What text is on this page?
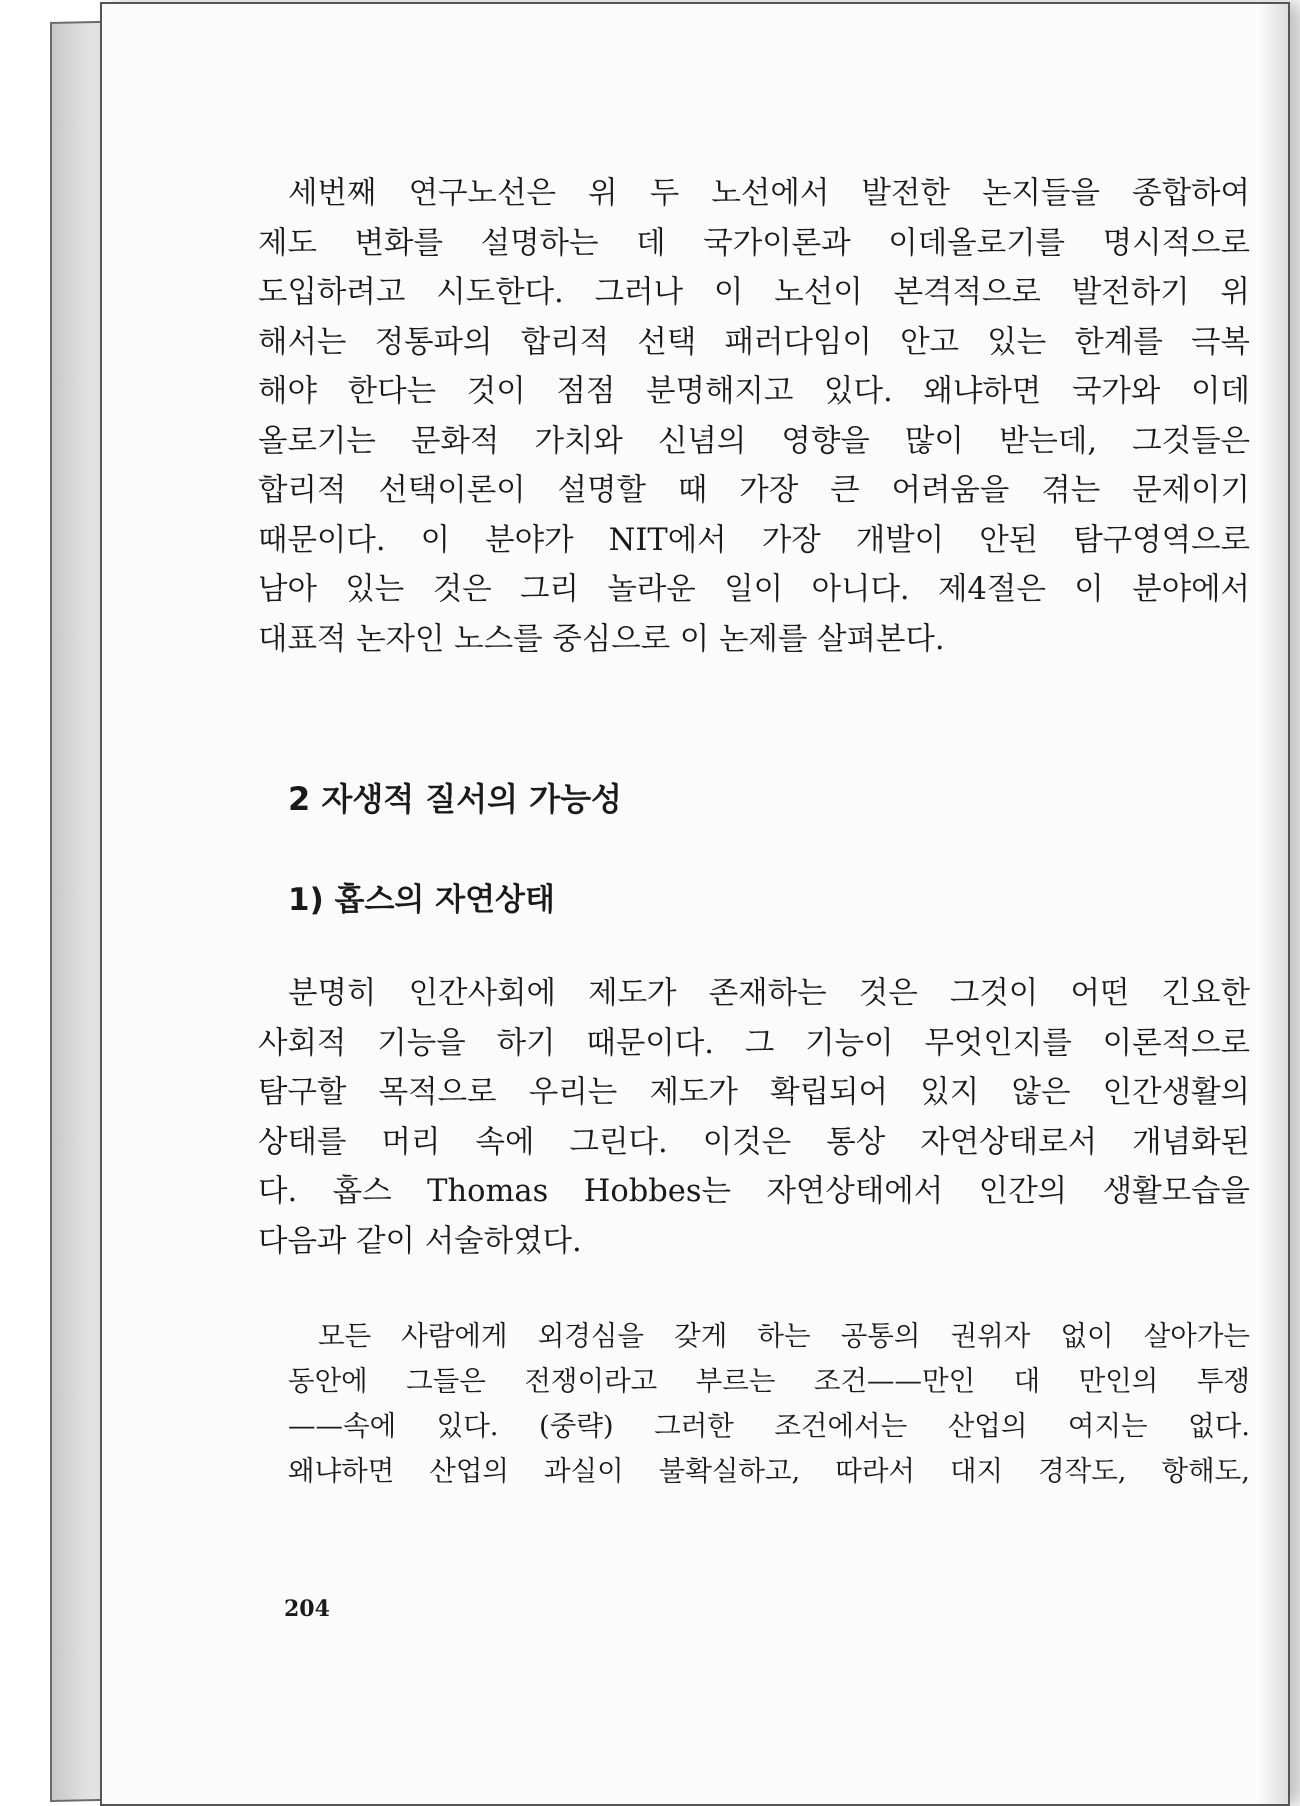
세번째 연구노선은 위 두 노선에서 발전한 논지들을 종합하여
제도 변화를 설명하는 데 국가이론과 이데올로기를 명시적으로
도입하려고 시도한다. 그러나 이 노선이 본격적으로 발전하기 위
해서는 정통파의 합리적 선택 패러다임이 안고 있는 한계를 극복
해야 한다는 것이 점점 분명해지고 있다. 왜냐하면 국가와 이데
올로기는 문화적 가치와 신념의 영향을 많이 받는데, 그것들은
합리적 선택이론이 설명할 때 가장 큰 어려움을 겪는 문제이기
때문이다. 이 분야가 NIT에서 가장 개발이 안된 탐구영역으로
남아 있는 것은 그리 놀라운 일이 아니다. 제4절은 이 분야에서
대표적 논자인 노스를 중심으로 이 논제를 살펴본다.

2 자생적 질서의 가능성
1) 홉스의 자연상태

분명히 인간사회에 제도가 존재하는 것은 그것이 어떤 긴요한
사회적 기능을 하기 때문이다. 그 기능이 무엇인지를 이론적으로
탐구할 목적으로 우리는 제도가 확립되어 있지 않은 인간생활의
상태를 머리 속에 그린다. 이것은 통상 자연상태로서 개념화된
다. 홉스 Thomas Hobbes는 자연상태에서 인간의 생활모습을
다음과 같이 서술하였다.

모든 사람에게 외경심을 갖게 하는 공통의 권위자 없이 살아가는
동안에 그들은 전쟁이라고 부르는 조건——만인 대 만인의 투쟁
——속에 있다. (중략) 그러한 조건에서는 산업의 여지는 없다.
왜냐하면 산업의 과실이 불확실하고, 따라서 대지 경작도, 항해도,
204
